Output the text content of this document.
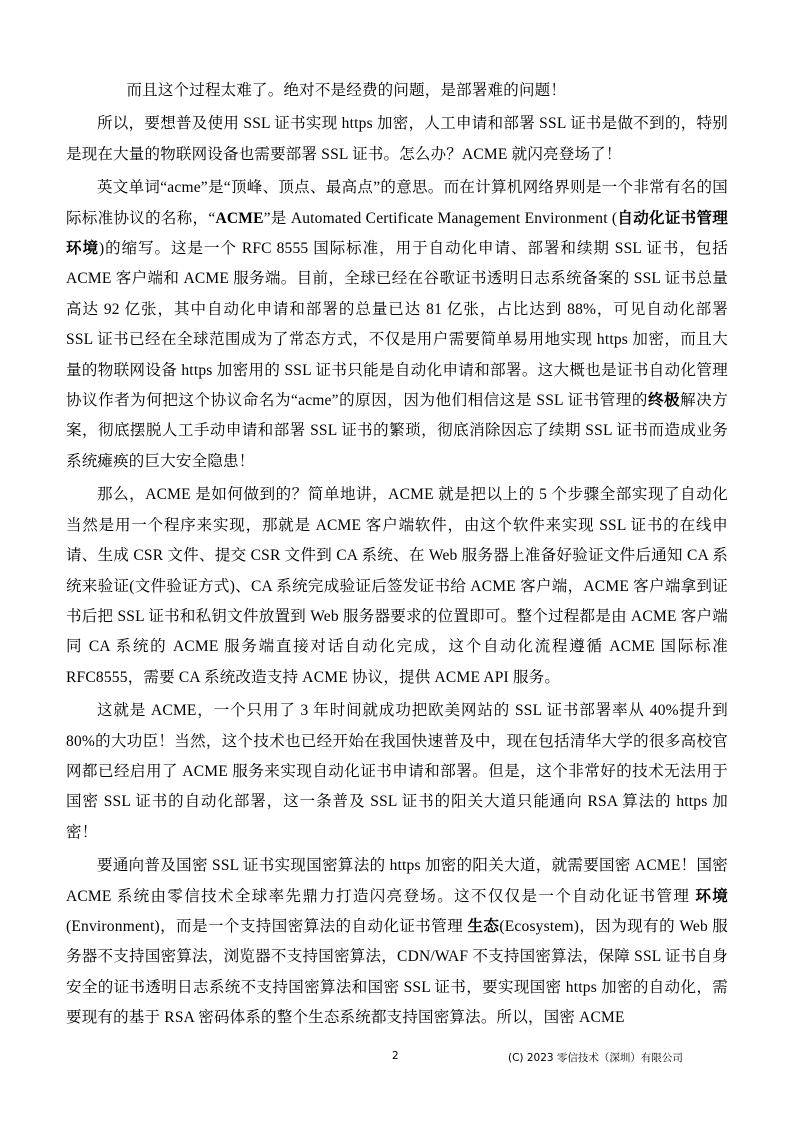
而且这个过程太难了。绝对不是经费的问题，是部署难的问题！

所以，要想普及使用 SSL 证书实现 https 加密，人工申请和部署 SSL 证书是做不到的，特别是现在大量的物联网设备也需要部署 SSL 证书。怎么办？ACME 就闪亮登场了！

英文单词“acme”是“顶峰、顶点、最高点”的意思。而在计算机网络界则是一个非常有名的国际标准协议的名称，“ACME”是 Automated Certificate Management Environment (自动化证书管理环境)的缩写。这是一个 RFC 8555 国际标准，用于自动化申请、部署和续期 SSL 证书，包括 ACME 客户端和 ACME 服务端。目前，全球已经在谷歌证书透明日志系统备案的 SSL 证书总量高达 92 亿张，其中自动化申请和部署的总量已达 81 亿张，占比达到 88%，可见自动化部署 SSL 证书已经在全球范围成为了常态方式，不仅是用户需要简单易用地实现 https 加密，而且大量的物联网设备 https 加密用的 SSL 证书只能是自动化申请和部署。这大概也是证书自动化管理协议作者为何把这个协议命名为“acme”的原因，因为他们相信这是 SSL 证书管理的终极解决方案，彻底摆脱人工手动申请和部署 SSL 证书的繁琐，彻底消除因忘了续期 SSL 证书而造成业务系统瘫痪的巨大安全隐患！

那么，ACME 是如何做到的？简单地讲，ACME 就是把以上的 5 个步骤全部实现了自动化当然是用一个程序来实现，那就是 ACME 客户端软件，由这个软件来实现 SSL 证书的在线申请、生成 CSR 文件、提交 CSR 文件到 CA 系统、在 Web 服务器上准备好验证文件后通知 CA 系统来验证(文件验证方式)、CA 系统完成验证后签发证书给 ACME 客户端，ACME 客户端拿到证书后把 SSL 证书和私钥文件放置到 Web 服务器要求的位置即可。整个过程都是由 ACME 客户端同 CA 系统的 ACME 服务端直接对话自动化完成，这个自动化流程遵循 ACME 国际标准 RFC8555，需要 CA 系统改造支持 ACME 协议，提供 ACME API 服务。

这就是 ACME，一个只用了 3 年时间就成功把欧美网站的 SSL 证书部署率从 40%提升到 80%的大功臣！当然，这个技术也已经开始在我国快速普及中，现在包括清华大学的很多高校官网都已经启用了 ACME 服务来实现自动化证书申请和部署。但是，这个非常好的技术无法用于国密 SSL 证书的自动化部署，这一条普及 SSL 证书的阳关大道只能通向 RSA 算法的 https 加密！

要通向普及国密 SSL 证书实现国密算法的 https 加密的阳关大道，就需要国密 ACME！国密 ACME 系统由零信技术全球率先鼎力打造闪亮登场。这不仅仅是一个自动化证书管理 环境(Environment)，而是一个支持国密算法的自动化证书管理 生态(Ecosystem)，因为现有的 Web 服务器不支持国密算法，浏览器不支持国密算法，CDN/WAF 不支持国密算法，保障 SSL 证书自身安全的证书透明日志系统不支持国密算法和国密 SSL 证书，要实现国密 https 加密的自动化，需要现有的基于 RSA 密码体系的整个生态系统都支持国密算法。所以，国密 ACME

2	(C) 2023 零信技术（深圳）有限公司
